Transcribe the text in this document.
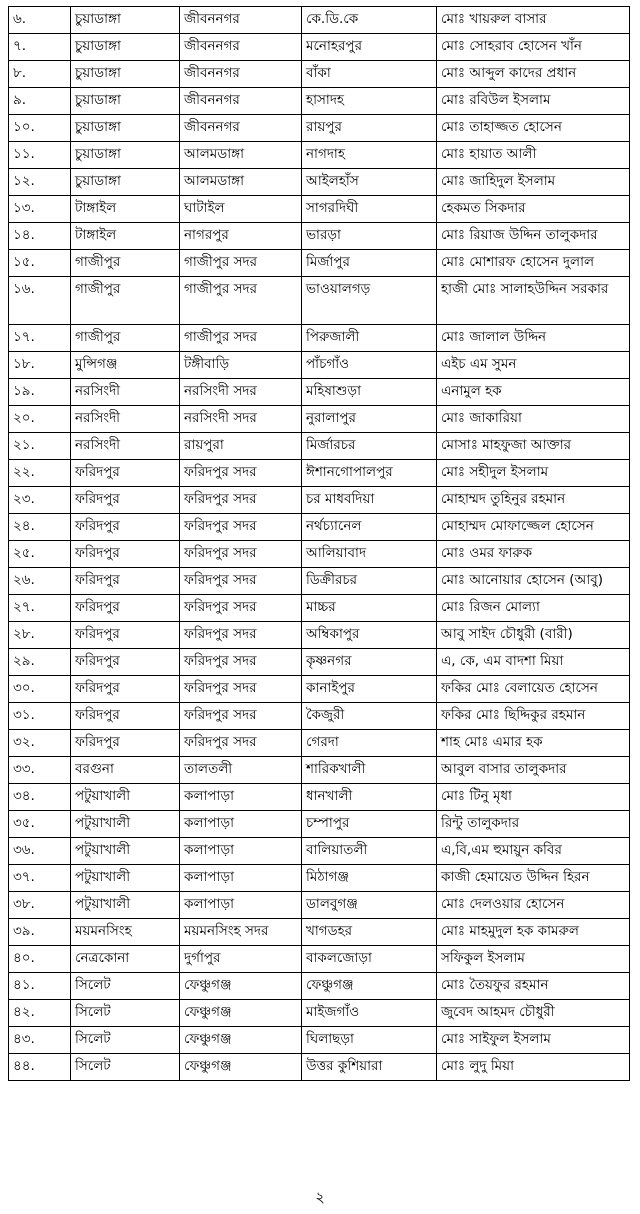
৬.	চুয়াডাঙ্গা	জীবননগর	কে.ডি.কে	মোঃ খায়রুল বাসার
৭.	চুয়াডাঙ্গা	জীবননগর	মনোহরপুর	মোঃ সোহরাব হোসেন খাঁন
৮.	চুয়াডাঙ্গা	জীবননগর	বাঁকা	মোঃ আব্দুল কাদের প্রধান
৯.	চুয়াডাঙ্গা	জীবননগর	হাসাদহ	মোঃ রবিউল ইসলাম
১০.	চুয়াডাঙ্গা	জীবননগর	রায়পুর	মোঃ তাহাজ্জত হোসেন
১১.	চুয়াডাঙ্গা	আলমডাঙ্গা	নাগদাহ	মোঃ হায়াত আলী
১২.	চুয়াডাঙ্গা	আলমডাঙ্গা	আইলহাঁস	মোঃ জাহিদুল ইসলাম
১৩.	টাঙ্গাইল	ঘাটাইল	সাগরদিঘী	হেকমত সিকদার
১৪.	টাঙ্গাইল	নাগরপুর	ভারড়া	মোঃ রিয়াজ উদ্দিন তালুকদার
১৫.	গাজীপুর	গাজীপুর সদর	মির্জাপুর	মোঃ মোশারফ হোসেন দুলাল
১৬.	গাজীপুর	গাজীপুর সদর	ভাওয়ালগড়	হাজী মোঃ সালাহউদ্দিন সরকার
১৭.	গাজীপুর	গাজীপুর সদর	পিরুজালী	মোঃ জালাল উদ্দিন
১৮.	মুন্সিগঞ্জ	টঙ্গীবাড়ি	পাঁচগাঁও	এইচ এম সুমন
১৯.	নরসিংদী	নরসিংদী সদর	মহিষাশুড়া	এনামুল হক
২০.	নরসিংদী	নরসিংদী সদর	নুরালাপুর	মোঃ জাকারিয়া
২১.	নরসিংদী	রায়পুরা	মির্জারচর	মোসাঃ মাহফুজা আক্তার
২২.	ফরিদপুর	ফরিদপুর সদর	ঈশানগোপালপুর	মোঃ সহীদুল ইসলাম
২৩.	ফরিদপুর	ফরিদপুর সদর	চর মাধবদিয়া	মোহাম্মদ তুহিনুর রহমান
২৪.	ফরিদপুর	ফরিদপুর সদর	নর্থচ্যানেল	মোহাম্মদ মোফাজ্জেল হোসেন
২৫.	ফরিদপুর	ফরিদপুর সদর	আলিয়াবাদ	মোঃ ওমর ফারুক
২৬.	ফরিদপুর	ফরিদপুর সদর	ডিক্রীরচর	মোঃ আনোয়ার হোসেন (আবু)
২৭.	ফরিদপুর	ফরিদপুর সদর	মাচ্চর	মোঃ রিজন মোল্যা
২৮.	ফরিদপুর	ফরিদপুর সদর	অম্বিকাপুর	আবু সাইদ চৌধুরী (বারী)
২৯.	ফরিদপুর	ফরিদপুর সদর	কৃষ্ণনগর	এ, কে, এম বাদশা মিয়া
৩০.	ফরিদপুর	ফরিদপুর সদর	কানাইপুর	ফকির মোঃ বেলায়েত হোসেন
৩১.	ফরিদপুর	ফরিদপুর সদর	কৈজুরী	ফকির মোঃ ছিদ্দিকুর রহমান
৩২.	ফরিদপুর	ফরিদপুর সদর	গেরদা	শাহ মোঃ এমার হক
৩৩.	বরগুনা	তালতলী	শারিকখালী	আবুল বাসার তালুকদার
৩৪.	পটুয়াখালী	কলাপাড়া	ধানখালী	মোঃ টিনু মৃধা
৩৫.	পটুয়াখালী	কলাপাড়া	চম্পাপুর	রিন্টু তালুকদার
৩৬.	পটুয়াখালী	কলাপাড়া	বালিয়াতলী	এ,বি,এম হুমায়ুন কবির
৩৭.	পটুয়াখালী	কলাপাড়া	মিঠাগঞ্জ	কাজী হেমায়েত উদ্দিন হিরন
৩৮.	পটুয়াখালী	কলাপাড়া	ডালবুগঞ্জ	মোঃ দেলওয়ার হোসেন
৩৯.	ময়মনসিংহ	ময়মনসিংহ সদর	খাগডহর	মোঃ মাহমুদুল হক কামরুল
৪০.	নেত্রকোনা	দুর্গাপুর	বাকলজোড়া	সফিকুল ইসলাম
৪১.	সিলেট	ফেঞ্চুগঞ্জ	ফেঞ্চুগঞ্জ	মোঃ তৈয়ফুর রহমান
৪২.	সিলেট	ফেঞ্চুগঞ্জ	মাইজগাঁও	জুবেদ আহমদ চৌধুরী
৪৩.	সিলেট	ফেঞ্চুগঞ্জ	ঘিলাছড়া	মোঃ সাইফুল ইসলাম
৪৪.	সিলেট	ফেঞ্চুগঞ্জ	উত্তর কুশিয়ারা	মোঃ লুদু মিয়া
২
